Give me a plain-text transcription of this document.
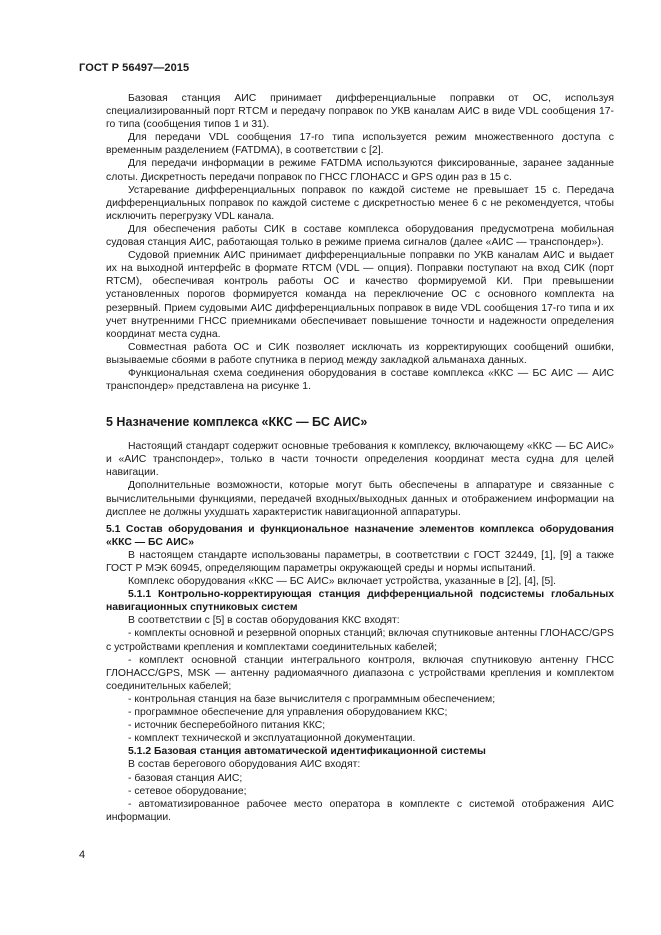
ГОСТ Р 56497—2015

Базовая станция АИС принимает дифференциальные поправки от ОС, используя специализированный порт RTCM и передачу поправок по УКВ каналам АИС в виде VDL сообщения 17-го типа (сообщения типов 1 и 31).

Для передачи VDL сообщения 17-го типа используется режим множественного доступа с временным разделением (FATDMA), в соответствии с [2].

Для передачи информации в режиме FATDMA используются фиксированные, заранее заданные слоты. Дискретность передачи поправок по ГНСС ГЛОНАСС и GPS один раз в 15 с.

Устаревание дифференциальных поправок по каждой системе не превышает 15 с. Передача дифференциальных поправок по каждой системе с дискретностью менее 6 с не рекомендуется, чтобы исключить перегрузку VDL канала.

Для обеспечения работы СИК в составе комплекса оборудования предусмотрена мобильная судовая станция АИС, работающая только в режиме приема сигналов (далее «АИС — транспондер»).

Судовой приемник АИС принимает дифференциальные поправки по УКВ каналам АИС и выдает их на выходной интерфейс в формате RTCM (VDL — опция). Поправки поступают на вход СИК (порт RTCM), обеспечивая контроль работы ОС и качество формируемой КИ. При превышении установленных порогов формируется команда на переключение ОС с основного комплекта на резервный. Прием судовыми АИС дифференциальных поправок в виде VDL сообщения 17-го типа и их учет внутренними ГНСС приемниками обеспечивает повышение точности и надежности определения координат места судна.

Совместная работа ОС и СИК позволяет исключать из корректирующих сообщений ошибки, вызываемые сбоями в работе спутника в период между закладкой альманаха данных.

Функциональная схема соединения оборудования в составе комплекса «ККС — БС АИС — АИС транспондер» представлена на рисунке 1.

5 Назначение комплекса «ККС — БС АИС»

Настоящий стандарт содержит основные требования к комплексу, включающему «ККС — БС АИС» и «АИС транспондер», только в части точности определения координат места судна для целей навигации.

Дополнительные возможности, которые могут быть обеспечены в аппаратуре и связанные с вычислительными функциями, передачей входных/выходных данных и отображением информации на дисплее не должны ухудшать характеристик навигационной аппаратуры.

5.1 Состав оборудования и функциональное назначение элементов комплекса оборудования «ККС — БС АИС»

В настоящем стандарте использованы параметры, в соответствии с ГОСТ 32449, [1], [9] а также ГОСТ Р МЭК 60945, определяющим параметры окружающей среды и нормы испытаний.

Комплекс оборудования «ККС — БС АИС» включает устройства, указанные в [2], [4], [5].

5.1.1 Контрольно-корректирующая станция дифференциальной подсистемы глобальных навигационных спутниковых систем

В соответствии с [5] в состав оборудования ККС входят:

- комплекты основной и резервной опорных станций; включая спутниковые антенны ГЛОНАСС/GPS с устройствами крепления и комплектами соединительных кабелей;

- комплект основной станции интегрального контроля, включая спутниковую антенну ГНСС ГЛОНАСС/GPS, MSK — антенну радиомаячного диапазона с устройствами крепления и комплектом соединительных кабелей;

- контрольная станция на базе вычислителя с программным обеспечением;

- программное обеспечение для управления оборудованием ККС;

- источник бесперебойного питания ККС;

- комплект технической и эксплуатационной документации.

5.1.2 Базовая станция автоматической идентификационной системы

В состав берегового оборудования АИС входят:

- базовая станция АИС;

- сетевое оборудование;

- автоматизированное рабочее место оператора в комплекте с системой отображения АИС информации.

4
